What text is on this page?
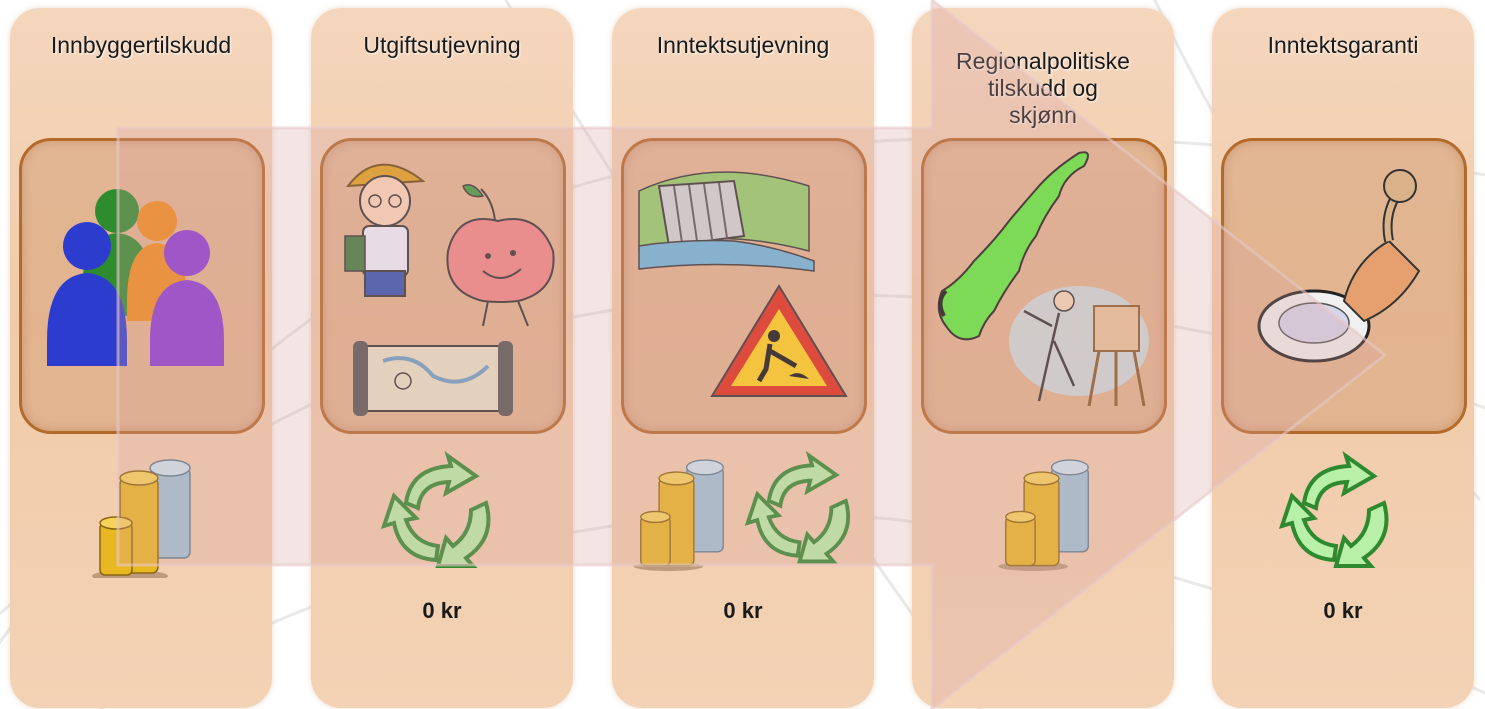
Innbyggertilskudd	Utgiftsutjevning
0 kr
Inntektsutjevning
0 kr
Regionalpolitiske
tilskudd og
skjønn
Inntektsgaranti
0 kr
